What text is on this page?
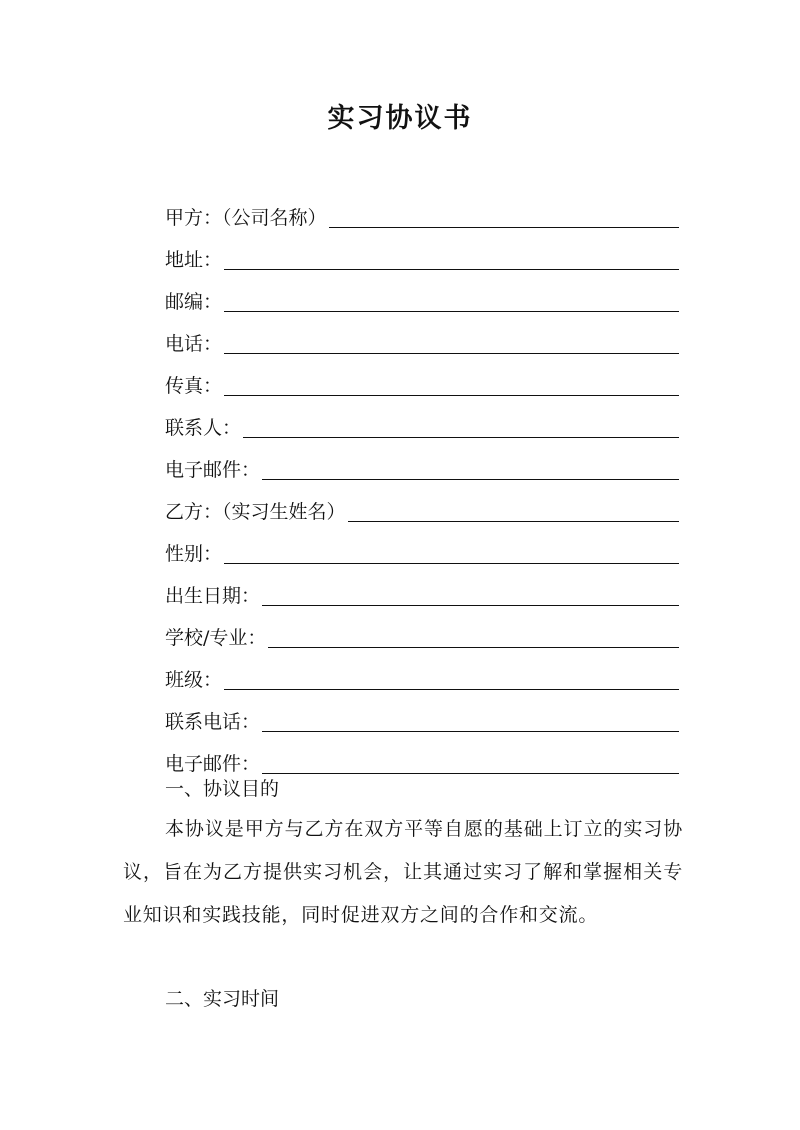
实习协议书
甲方：（公司名称）
地址：
邮编：
电话：
传真：
联系人：
电子邮件：
乙方：（实习生姓名）
性别：
出生日期：
学校/专业：
班级：
联系电话：
电子邮件：
一、协议目的

本协议是甲方与乙方在双方平等自愿的基础上订立的实习协议，旨在为乙方提供实习机会，让其通过实习了解和掌握相关专业知识和实践技能，同时促进双方之间的合作和交流。

二、实习时间
